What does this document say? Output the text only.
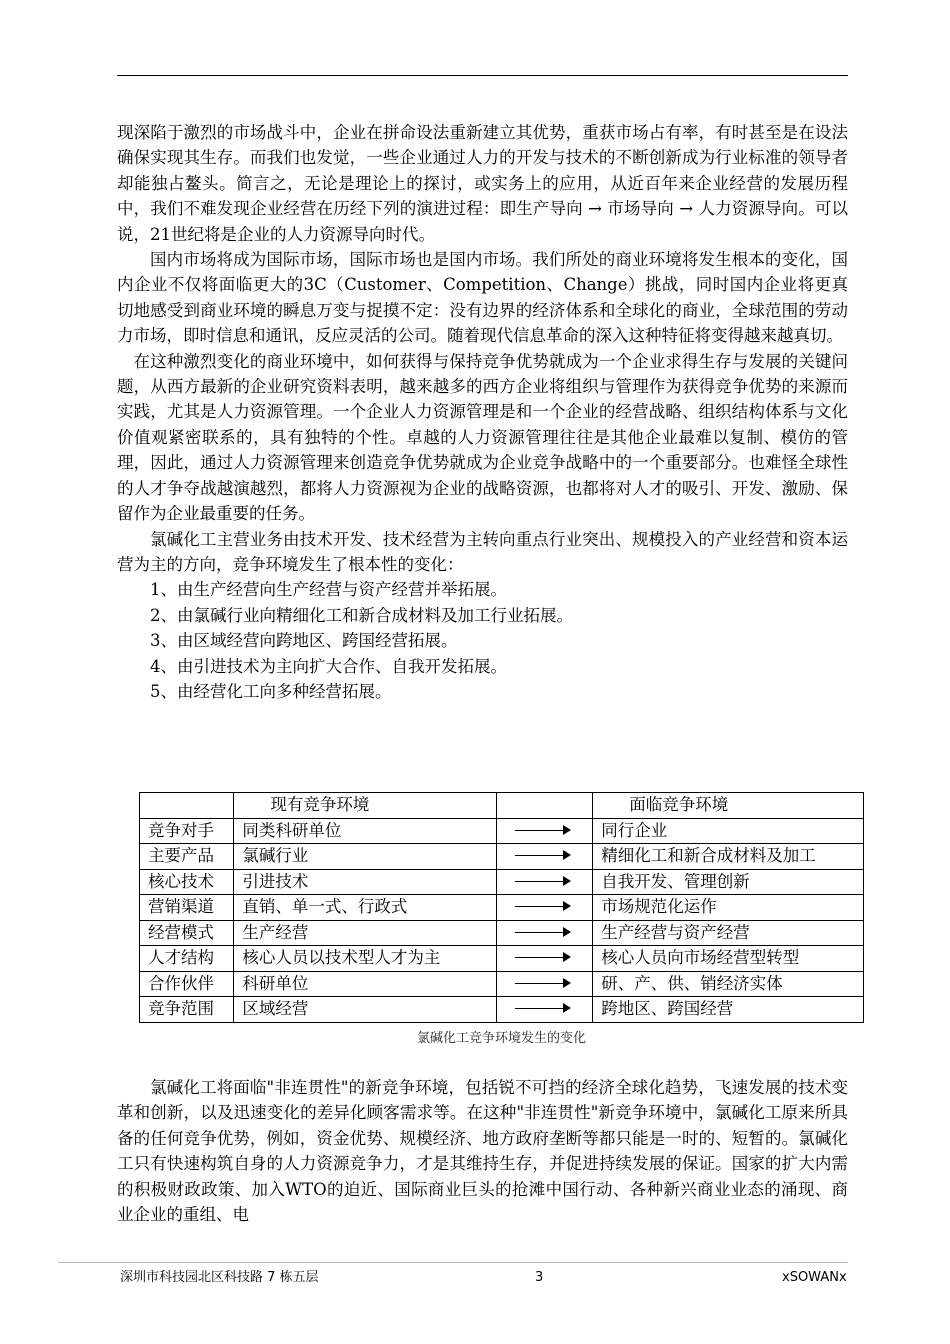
现深陷于激烈的市场战斗中，企业在拼命设法重新建立其优势，重获市场占有率，有时甚至是在设法确保实现其生存。而我们也发觉，一些企业通过人力的开发与技术的不断创新成为行业标准的领导者却能独占鳌头。简言之，无论是理论上的探讨，或实务上的应用，从近百年来企业经营的发展历程中，我们不难发现企业经营在历经下列的演进过程：即生产导向 → 市场导向 → 人力资源导向。可以说，21世纪将是企业的人力资源导向时代。

国内市场将成为国际市场，国际市场也是国内市场。我们所处的商业环境将发生根本的变化，国内企业不仅将面临更大的3C（Customer、Competition、Change）挑战，同时国内企业将更真切地感受到商业环境的瞬息万变与捉摸不定：没有边界的经济体系和全球化的商业，全球范围的劳动力市场，即时信息和通讯，反应灵活的公司。随着现代信息革命的深入这种特征将变得越来越真切。

在这种激烈变化的商业环境中，如何获得与保持竞争优势就成为一个企业求得生存与发展的关键问题，从西方最新的企业研究资料表明，越来越多的西方企业将组织与管理作为获得竞争优势的来源而实践，尤其是人力资源管理。一个企业人力资源管理是和一个企业的经营战略、组织结构体系与文化价值观紧密联系的，具有独特的个性。卓越的人力资源管理往往是其他企业最难以复制、模仿的管理，因此，通过人力资源管理来创造竞争优势就成为企业竞争战略中的一个重要部分。也难怪全球性的人才争夺战越演越烈，都将人力资源视为企业的战略资源，也都将对人才的吸引、开发、激励、保留作为企业最重要的任务。

氯碱化工主营业务由技术开发、技术经营为主转向重点行业突出、规模投入的产业经营和资本运营为主的方向，竞争环境发生了根本性的变化：

1、由生产经营向生产经营与资产经营并举拓展。
2、由氯碱行业向精细化工和新合成材料及加工行业拓展。
3、由区域经营向跨地区、跨国经营拓展。
4、由引进技术为主向扩大合作、自我开发拓展。
5、由经营化工向多种经营拓展。
	现有竞争环境		面临竞争环境
竞争对手	同类科研单位		同行企业
主要产品	氯碱行业		精细化工和新合成材料及加工
核心技术	引进技术		自我开发、管理创新
营销渠道	直销、单一式、行政式		市场规范化运作
经营模式	生产经营		生产经营与资产经营
人才结构	核心人员以技术型人才为主		核心人员向市场经营型转型
合作伙伴	科研单位		研、产、供、销经济实体
竞争范围	区域经营		跨地区、跨国经营
氯碱化工竞争环境发生的变化

氯碱化工将面临"非连贯性"的新竞争环境，包括锐不可挡的经济全球化趋势，飞速发展的技术变革和创新，以及迅速变化的差异化顾客需求等。在这种"非连贯性"新竞争环境中，氯碱化工原来所具备的任何竞争优势，例如，资金优势、规模经济、地方政府垄断等都只能是一时的、短暂的。氯碱化工只有快速构筑自身的人力资源竞争力，才是其维持生存，并促进持续发展的保证。国家的扩大内需的积极财政政策、加入WTO的迫近、国际商业巨头的抢滩中国行动、各种新兴商业业态的涌现、商业企业的重组、电

深圳市科技园北区科技路 7 栋五层	3	xSOWANx
